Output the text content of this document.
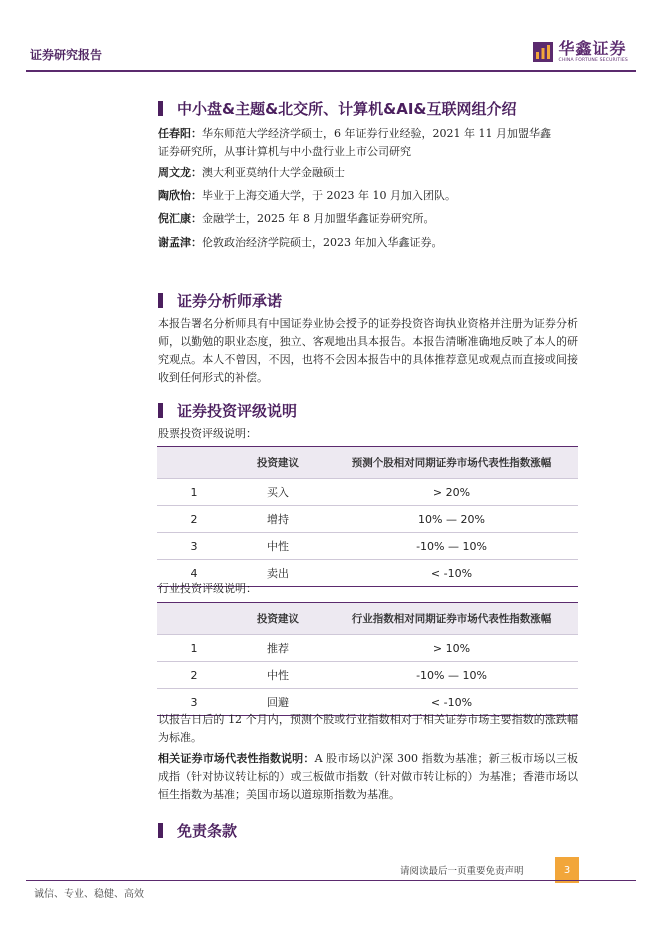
证券研究报告	华鑫证券
CHINA FORTUNE SECURITIES
中小盘&主题&北交所、计算机&AI&互联网组介绍
任春阳：华东师范大学经济学硕士，6 年证券行业经验，2021 年 11 月加盟华鑫
证券研究所，从事计算机与中小盘行业上市公司研究
周文龙：澳大利亚莫纳什大学金融硕士
陶欣怡：毕业于上海交通大学，于 2023 年 10 月加入团队。
倪汇康：金融学士，2025 年 8 月加盟华鑫证券研究所。
谢孟津：伦敦政治经济学院硕士，2023 年加入华鑫证券。
证券分析师承诺
本报告署名分析师具有中国证券业协会授予的证券投资咨询执业资格并注册为证券分析师，以勤勉的职业态度，独立、客观地出具本报告。本报告清晰准确地反映了本人的研究观点。本人不曾因，不因，也将不会因本报告中的具体推荐意见或观点而直接或间接收到任何形式的补偿。
证券投资评级说明
股票投资评级说明：
	投资建议	预测个股相对同期证券市场代表性指数涨幅
1	买入	> 20%
2	增持	10% — 20%
3	中性	-10% — 10%
4	卖出	< -10%
行业投资评级说明：
	投资建议	行业指数相对同期证券市场代表性指数涨幅
1	推荐	> 10%
2	中性	-10% — 10%
3	回避	< -10%
以报告日后的 12 个月内，预测个股或行业指数相对于相关证券市场主要指数的涨跌幅为标准。
相关证券市场代表性指数说明：A 股市场以沪深 300 指数为基准；新三板市场以三板成指（针对协议转让标的）或三板做市指数（针对做市转让标的）为基准；香港市场以恒生指数为基准；美国市场以道琼斯指数为基准。
免责条款
请阅读最后一页重要免责声明	3
诚信、专业、稳健、高效
